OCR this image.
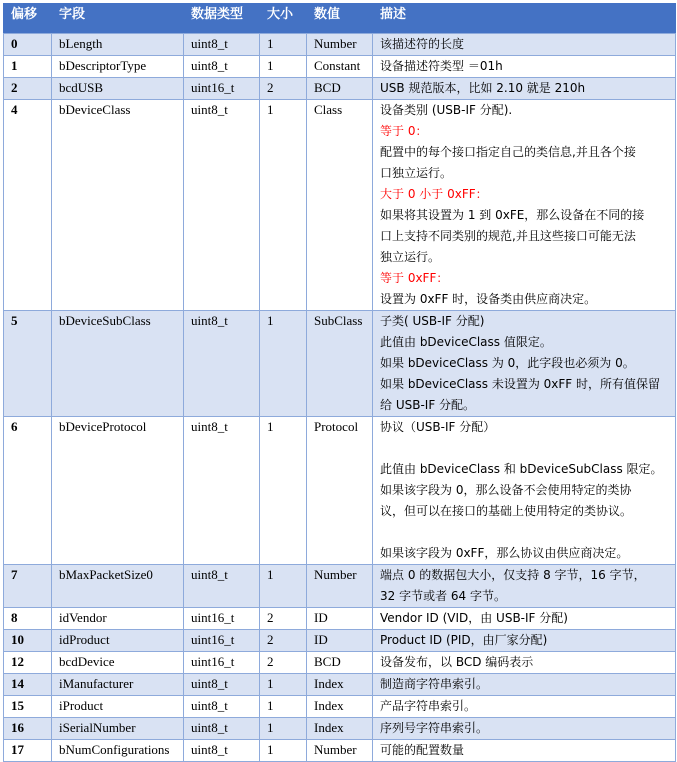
偏移	字段	数据类型	大小	数值	描述
0	bLength	uint8_t	1	Number	该描述符的长度

1	bDescriptorType	uint8_t	1	Constant	设备描述符类型 ＝01h

2	bcdUSB	uint16_t	2	BCD	USB 规范版本，比如 2.10 就是 210h

4	bDeviceClass	uint8_t	1	Class	设备类别 (USB-IF 分配).
等于 0：
配置中的每个接口指定自己的类信息,并且各个接
口独立运行。
大于 0 小于 0xFF：
如果将其设置为 1 到 0xFE，那么设备在不同的接
口上支持不同类别的规范,并且这些接口可能无法
独立运行。
等于 0xFF：
设置为 0xFF 时，设备类由供应商决定。

5	bDeviceSubClass	uint8_t	1	SubClass	子类( USB-IF 分配)
此值由 bDeviceClass 值限定。
如果 bDeviceClass 为 0，此字段也必须为 0。
如果 bDeviceClass 未设置为 0xFF 时，所有值保留
给 USB-IF 分配。

6	bDeviceProtocol	uint8_t	1	Protocol	协议（USB-IF 分配）
此值由 bDeviceClass 和 bDeviceSubClass 限定。
如果该字段为 0，那么设备不会使用特定的类协
议，但可以在接口的基础上使用特定的类协议。
如果该字段为 0xFF，那么协议由供应商决定。

7	bMaxPacketSize0	uint8_t	1	Number	端点 0 的数据包大小，仅支持 8 字节，16 字节，
32 字节或者 64 字节。

8	idVendor	uint16_t	2	ID	Vendor ID (VID，由 USB-IF 分配)

10	idProduct	uint16_t	2	ID	Product ID (PID，由厂家分配)

12	bcdDevice	uint16_t	2	BCD	设备发布，以 BCD 编码表示

14	iManufacturer	uint8_t	1	Index	制造商字符串索引。

15	iProduct	uint8_t	1	Index	产品字符串索引。

16	iSerialNumber	uint8_t	1	Index	序列号字符串索引。

17	bNumConfigurations	uint8_t	1	Number	可能的配置数量
